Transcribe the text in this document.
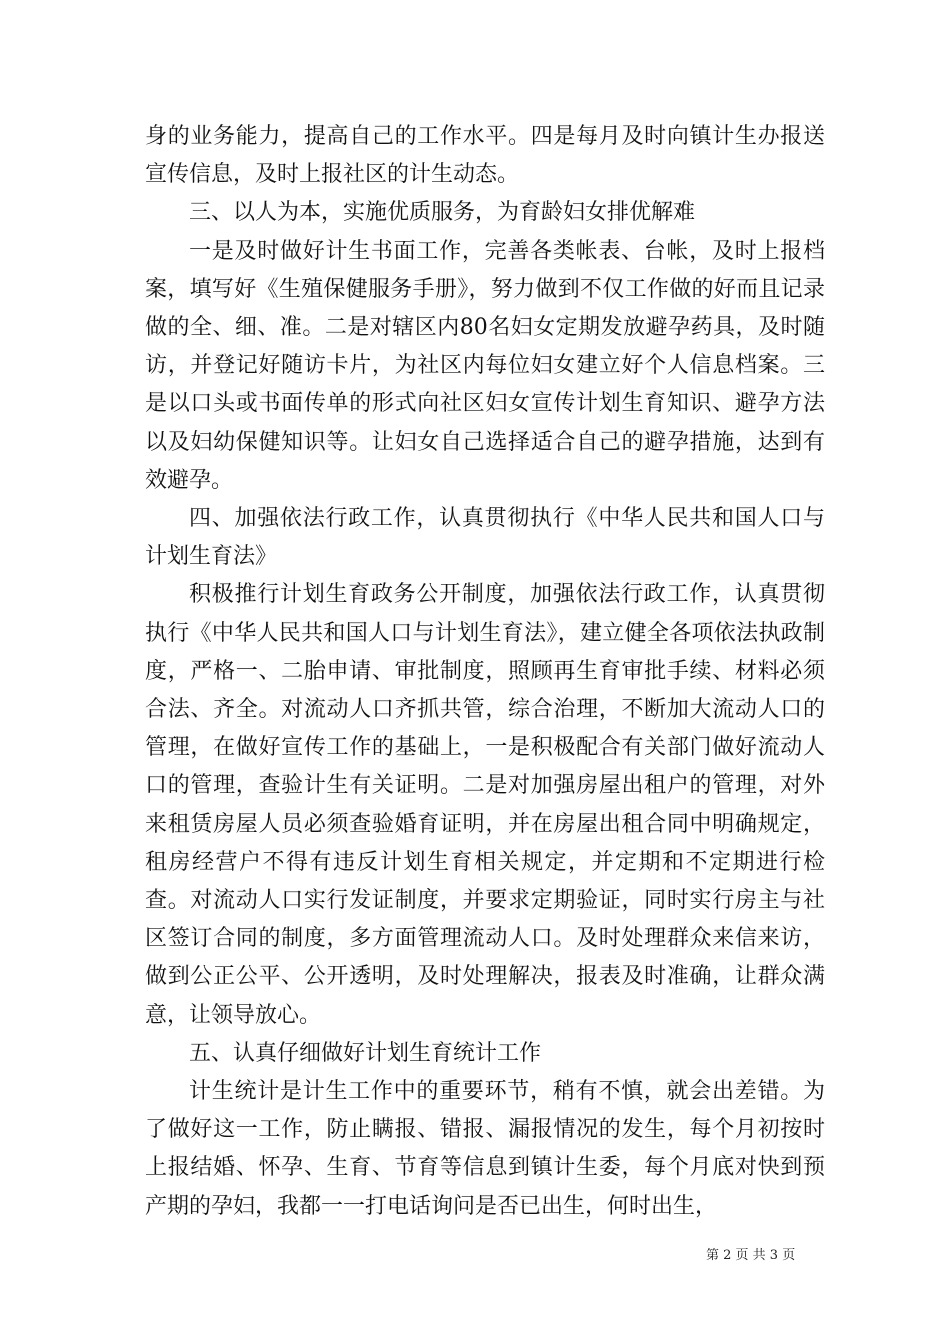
身的业务能力，提高自己的工作水平。四是每月及时向镇计生办报送宣传信息，及时上报社区的计生动态。

三、以人为本，实施优质服务，为育龄妇女排优解难

一是及时做好计生书面工作，完善各类帐表、台帐，及时上报档案，填写好《生殖保健服务手册》，努力做到不仅工作做的好而且记录做的全、细、准。二是对辖区内80名妇女定期发放避孕药具，及时随访，并登记好随访卡片，为社区内每位妇女建立好个人信息档案。三是以口头或书面传单的形式向社区妇女宣传计划生育知识、避孕方法以及妇幼保健知识等。让妇女自己选择适合自己的避孕措施，达到有效避孕。

四、加强依法行政工作，认真贯彻执行《中华人民共和国人口与计划生育法》

积极推行计划生育政务公开制度，加强依法行政工作，认真贯彻执行《中华人民共和国人口与计划生育法》，建立健全各项依法执政制度，严格一、二胎申请、审批制度，照顾再生育审批手续、材料必须合法、齐全。对流动人口齐抓共管，综合治理，不断加大流动人口的管理，在做好宣传工作的基础上，一是积极配合有关部门做好流动人口的管理，查验计生有关证明。二是对加强房屋出租户的管理，对外来租赁房屋人员必须查验婚育证明，并在房屋出租合同中明确规定，租房经营户不得有违反计划生育相关规定，并定期和不定期进行检查。对流动人口实行发证制度，并要求定期验证，同时实行房主与社区签订合同的制度，多方面管理流动人口。及时处理群众来信来访，做到公正公平、公开透明，及时处理解决，报表及时准确，让群众满意，让领导放心。

五、认真仔细做好计划生育统计工作

计生统计是计生工作中的重要环节，稍有不慎，就会出差错。为了做好这一工作，防止瞒报、错报、漏报情况的发生，每个月初按时上报结婚、怀孕、生育、节育等信息到镇计生委，每个月底对快到预产期的孕妇，我都一一打电话询问是否已出生，何时出生，

第 2 页 共 3 页
